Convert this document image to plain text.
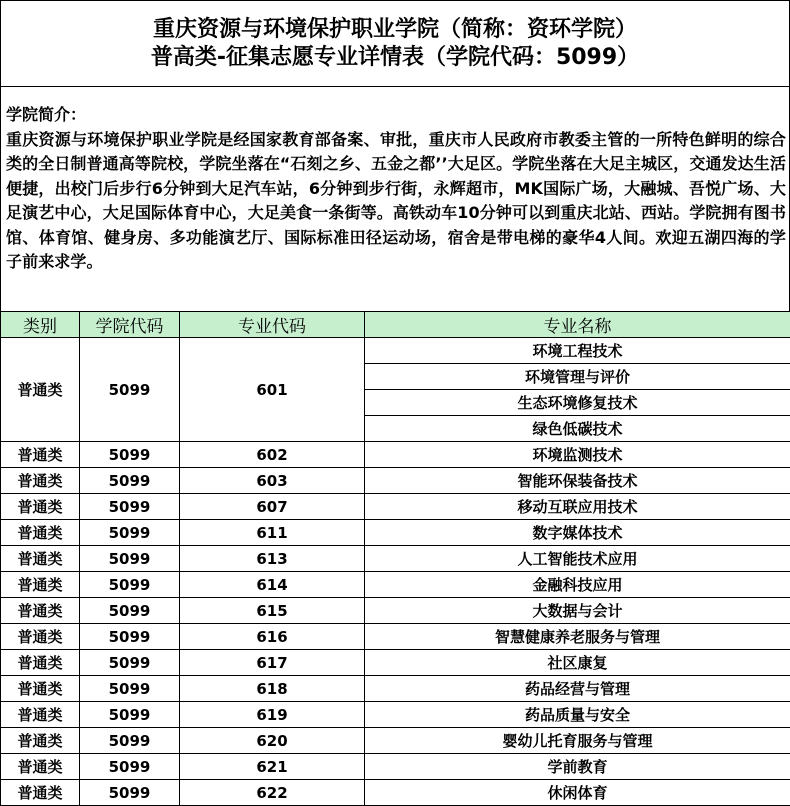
重庆资源与环境保护职业学院（简称：资环学院）
普高类-征集志愿专业详情表（学院代码：5099）
学院简介：
重庆资源与环境保护职业学院是经国家教育部备案、审批，重庆市人民政府市教委主管的一所特色鲜明的综合类的全日制普通高等院校，学院坐落在“石刻之乡、五金之都’’大足区。学院坐落在大足主城区，交通发达生活便捷，出校门后步行6分钟到大足汽车站，6分钟到步行街，永辉超市，MK国际广场，大融城、吾悦广场、大足演艺中心，大足国际体育中心，大足美食一条街等。高铁动车10分钟可以到重庆北站、西站。学院拥有图书馆、体育馆、健身房、多功能演艺厅、国际标准田径运动场，宿舍是带电梯的豪华4人间。欢迎五湖四海的学子前来求学。
类别	学院代码	专业代码	专业名称
普通类	5099	601	环境工程技术
			环境管理与评价
			生态环境修复技术
			绿色低碳技术
普通类	5099	602	环境监测技术
普通类	5099	603	智能环保装备技术
普通类	5099	607	移动互联应用技术
普通类	5099	611	数字媒体技术
普通类	5099	613	人工智能技术应用
普通类	5099	614	金融科技应用
普通类	5099	615	大数据与会计
普通类	5099	616	智慧健康养老服务与管理
普通类	5099	617	社区康复
普通类	5099	618	药品经营与管理
普通类	5099	619	药品质量与安全
普通类	5099	620	婴幼儿托育服务与管理
普通类	5099	621	学前教育
普通类	5099	622	休闲体育
